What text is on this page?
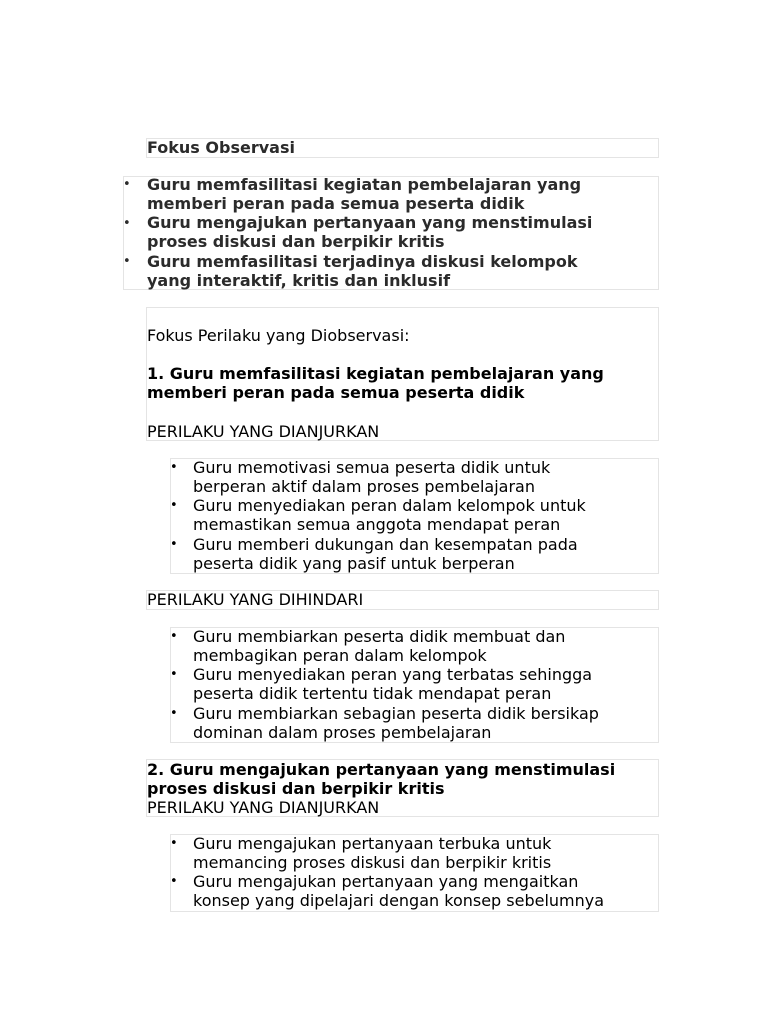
Fokus Observasi
• Guru memfasilitasi kegiatan pembelajaran yang
memberi peran pada semua peserta didik
• Guru mengajukan pertanyaan yang menstimulasi
proses diskusi dan berpikir kritis
• Guru memfasilitasi terjadinya diskusi kelompok
yang interaktif, kritis dan inklusif
Fokus Perilaku yang Diobservasi:
1. Guru memfasilitasi kegiatan pembelajaran yang
memberi peran pada semua peserta didik
PERILAKU YANG DIANJURKAN
• Guru memotivasi semua peserta didik untuk
berperan aktif dalam proses pembelajaran
• Guru menyediakan peran dalam kelompok untuk
memastikan semua anggota mendapat peran
• Guru memberi dukungan dan kesempatan pada
peserta didik yang pasif untuk berperan
PERILAKU YANG DIHINDARI
• Guru membiarkan peserta didik membuat dan
membagikan peran dalam kelompok
• Guru menyediakan peran yang terbatas sehingga
peserta didik tertentu tidak mendapat peran
• Guru membiarkan sebagian peserta didik bersikap
dominan dalam proses pembelajaran
2. Guru mengajukan pertanyaan yang menstimulasi
proses diskusi dan berpikir kritis
PERILAKU YANG DIANJURKAN
• Guru mengajukan pertanyaan terbuka untuk
memancing proses diskusi dan berpikir kritis
• Guru mengajukan pertanyaan yang mengaitkan
konsep yang dipelajari dengan konsep sebelumnya
